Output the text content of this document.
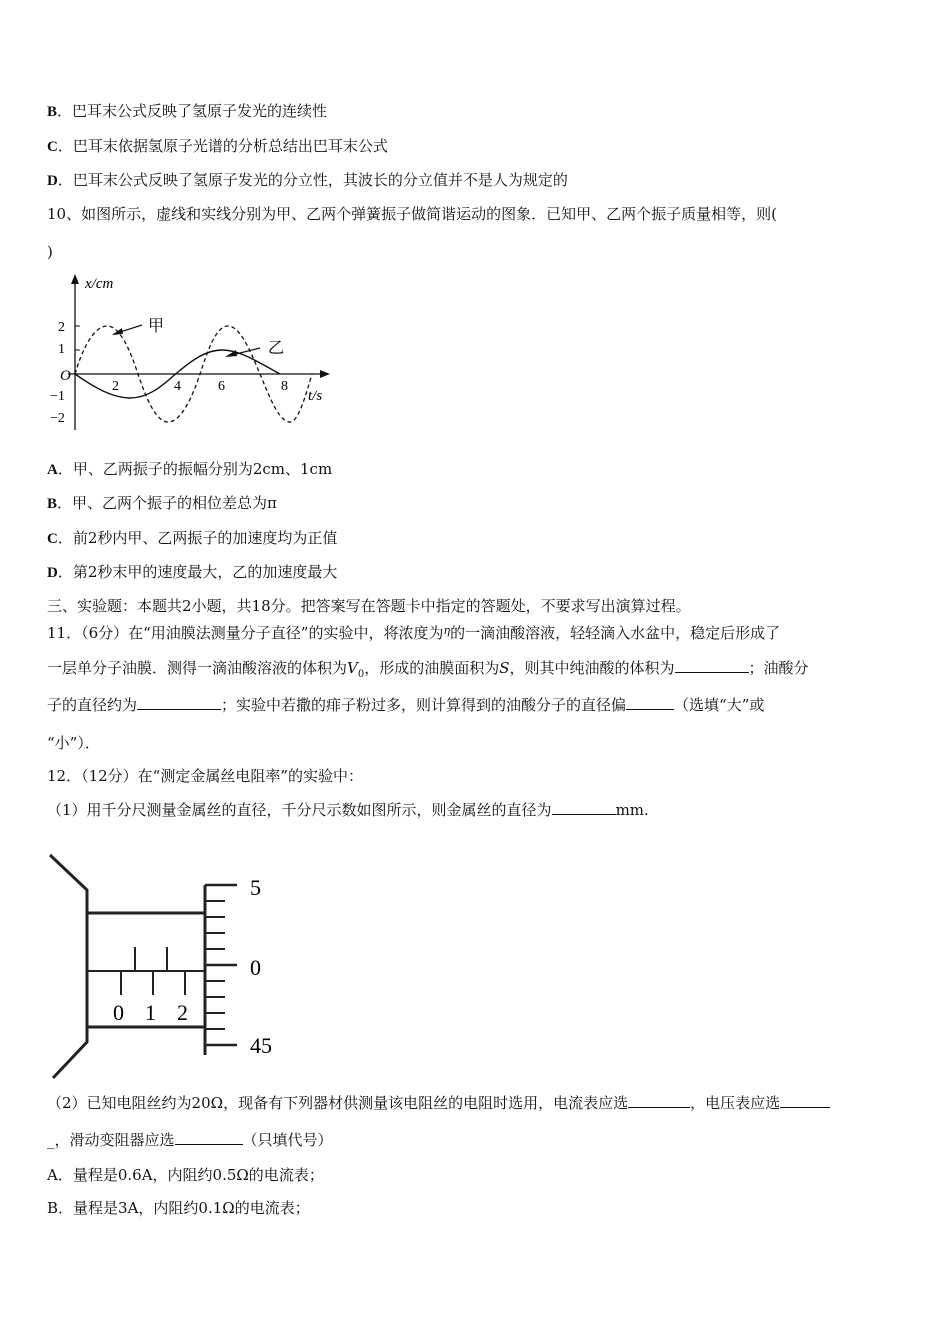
B．巴耳末公式反映了氢原子发光的连续性
C．巴耳末依据氢原子光谱的分析总结出巴耳末公式
D．巴耳末公式反映了氢原子发光的分立性，其波长的分立值并不是人为规定的
10、如图所示，虚线和实线分别为甲、乙两个弹簧振子做简谐运动的图象．已知甲、乙两个振子质量相等，则(
)
x/cm
t/s
O
2
1
−1
−2
2	4	6	8
甲
乙
A．甲、乙两振子的振幅分别为2cm、1cm
B．甲、乙两个振子的相位差总为π
C．前2秒内甲、乙两振子的加速度均为正值
D．第2秒末甲的速度最大，乙的加速度最大
三、实验题：本题共2小题，共18分。把答案写在答题卡中指定的答题处，不要求写出演算过程。
11．（6分）在“用油膜法测量分子直径”的实验中，将浓度为$^\eta$的一滴油酸溶液，轻轻滴入水盆中，稳定后形成了
一层单分子油膜．测得一滴油酸溶液的体积为$V_0$，形成的油膜面积为S，则其中纯油酸的体积为	；油酸分
子的直径约为	；实验中若撒的痱子粉过多，则计算得到的油酸分子的直径偏	（选填“大”或
“小”）．
12．（12分）在“测定金属丝电阻率”的实验中：
（1）用千分尺测量金属丝的直径，千分尺示数如图所示，则金属丝的直径为	mm.
0 1 2
5
0
45
（2）已知电阻丝约为20Ω，现备有下列器材供测量该电阻丝的电阻时选用，电流表应选	，电压表应选
_，滑动变阻器应选	（只填代号）
A．量程是0.6A，内阻约0.5Ω的电流表；
B．量程是3A，内阻约0.1Ω的电流表；
